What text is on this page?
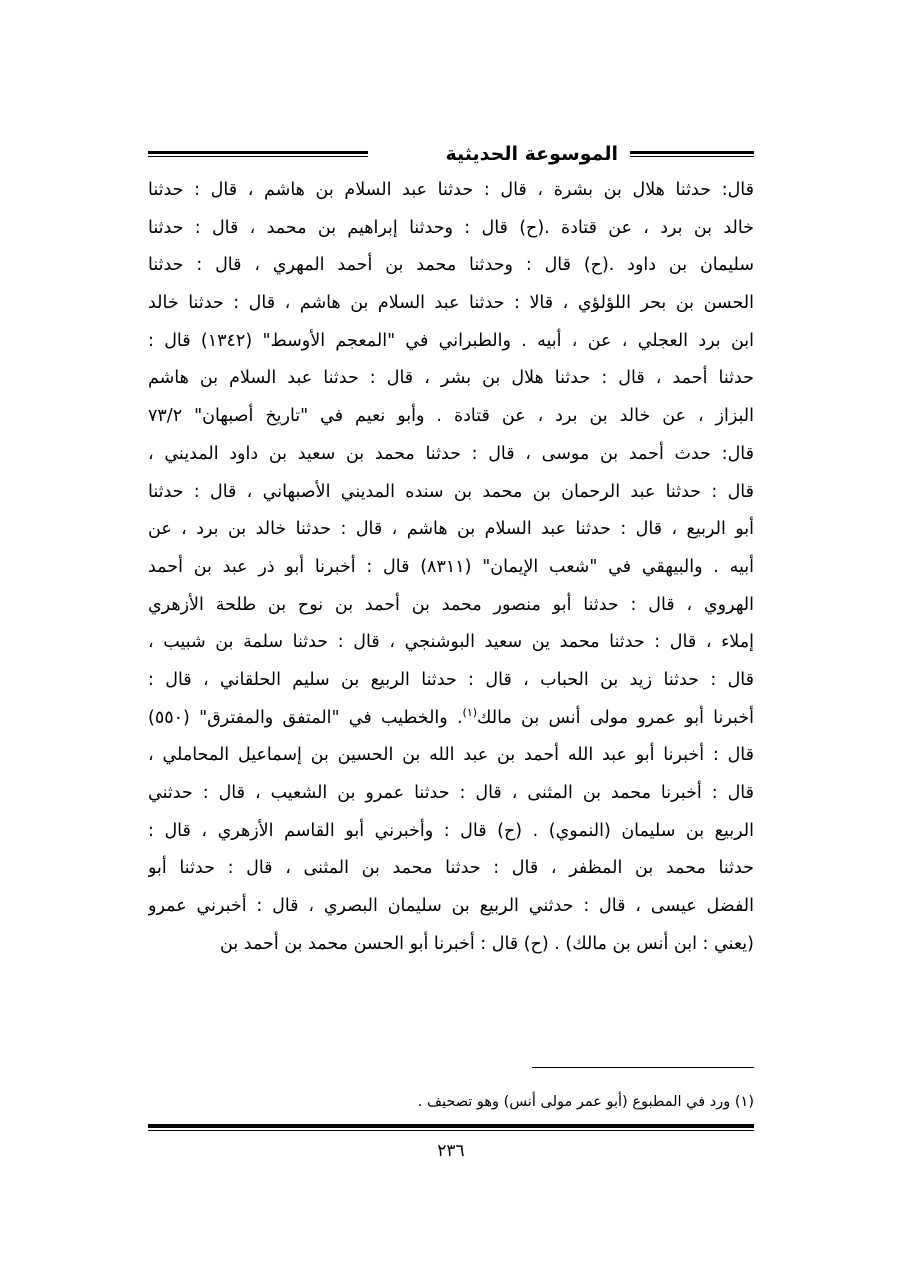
الموسوعة الحديثية
قال: حدثنا هلال بن بشرة ، قال : حدثنا عبد السلام بن هاشم ، قال : حدثنا
خالد بن برد ، عن قتادة .(ح) قال : وحدثنا إبراهيم بن محمد ، قال : حدثنا
سليمان بن داود .(ح) قال : وحدثنا محمد بن أحمد المهري ، قال : حدثنا
الحسن بن بحر اللؤلؤي ، قالا : حدثنا عبد السلام بن هاشم ، قال : حدثنا خالد
ابن برد العجلي ، عن ، أبيه . والطبراني في "المعجم الأوسط" (١٣٤٢) قال :
حدثنا أحمد ، قال : حدثنا هلال بن بشر ، قال : حدثنا عبد السلام بن هاشم
البزاز ، عن خالد بن برد ، عن قتادة . وأبو نعيم في "تاريخ أصبهان" ٧٣/٢
قال: حدث أحمد بن موسى ، قال : حدثنا محمد بن سعيد بن داود المديني ،
قال : حدثنا عبد الرحمان بن محمد بن سنده المديني الأصبهاني ، قال : حدثنا
أبو الربيع ، قال : حدثنا عبد السلام بن هاشم ، قال : حدثنا خالد بن برد ، عن
أبيه . والبيهقي في "شعب الإيمان" (٨٣١١) قال : أخبرنا أبو ذر عبد بن أحمد
الهروي ، قال : حدثنا أبو منصور محمد بن أحمد بن نوح بن طلحة الأزهري
إملاء ، قال : حدثنا محمد ين سعيد البوشنجي ، قال : حدثنا سلمة بن شبيب ،
قال : حدثنا زيد بن الحباب ، قال : حدثنا الربيع بن سليم الحلقاني ، قال :
أخبرنا أبو عمرو مولى أنس بن مالك$^{(١)}$. والخطيب في "المتفق والمفترق" (٥٥٠)
قال : أخبرنا أبو عبد الله أحمد بن عبد الله بن الحسين بن إسماعيل المحاملي ،
قال : أخبرنا محمد بن المثنى ، قال : حدثنا عمرو بن الشعيب ، قال : حدثني
الربيع بن سليمان (النموي) . (ح) قال : وأخبرني أبو القاسم الأزهري ، قال :
حدثنا محمد بن المظفر ، قال : حدثنا محمد بن المثنى ، قال : حدثنا أبو
الفضل عيسى ، قال : حدثني الربيع بن سليمان البصري ، قال : أخبرني عمرو
(يعني : ابن أنس بن مالك) . (ح) قال : أخبرنا أبو الحسن محمد بن أحمد بن
(١) ورد في المطبوع (أبو عمر مولى أنس) وهو تصحيف .
٢٣٦
